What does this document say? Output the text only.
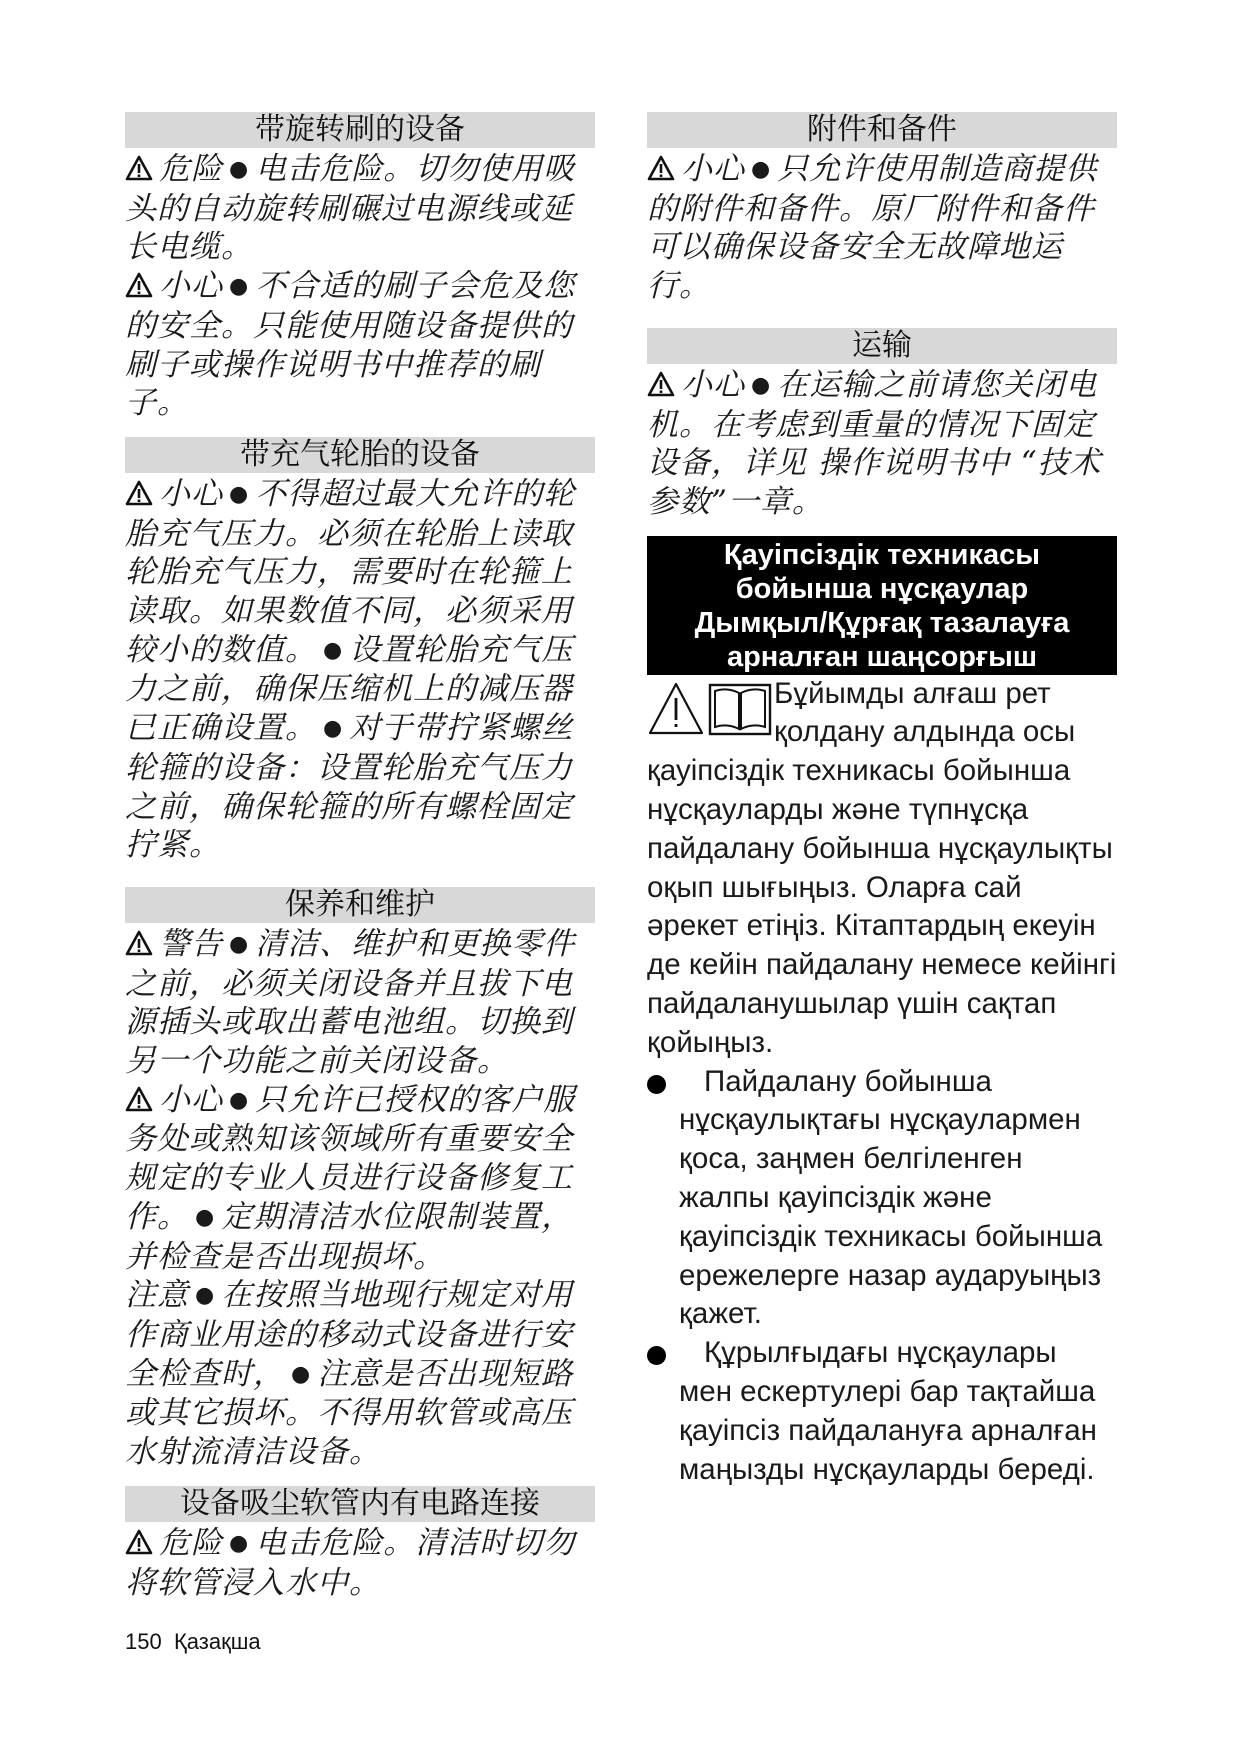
带旋转刷的设备

危险 ● 电击危险。切勿使用吸头的自动旋转刷碾过电源线或延长电缆。

小心 ● 不合适的刷子会危及您的安全。只能使用随设备提供的刷子或操作说明书中推荐的刷子。

带充气轮胎的设备

小心 ● 不得超过最大允许的轮胎充气压力。必须在轮胎上读取轮胎充气压力，需要时在轮箍上读取。如果数值不同，必须采用较小的数值。 ● 设置轮胎充气压力之前，确保压缩机上的减压器已正确设置。 ● 对于带拧紧螺丝轮箍的设备：设置轮胎充气压力之前，确保轮箍的所有螺栓固定拧紧。

保养和维护

警告 ● 清洁、维护和更换零件之前，必须关闭设备并且拔下电源插头或取出蓄电池组。切换到另一个功能之前关闭设备。

小心 ● 只允许已授权的客户服务处或熟知该领域所有重要安全规定的专业人员进行设备修复工作。 ● 定期清洁水位限制装置，并检查是否出现损坏。

注意 ● 在按照当地现行规定对用作商业用途的移动式设备进行安全检查时， ● 注意是否出现短路或其它损坏。不得用软管或高压水射流清洁设备。

设备吸尘软管内有电路连接

危险 ● 电击危险。清洁时切勿将软管浸入水中。

附件和备件

小心 ● 只允许使用制造商提供的附件和备件。原厂附件和备件可以确保设备安全无故障地运行。

运输

小心 ● 在运输之前请您关闭电机。在考虑到重量的情况下固定设备，详见 操作说明书中 “技术参数”一章。

Қауіпсіздік техникасы
бойынша нұсқаулар
Дымқыл/Құрғақ тазалауға
арналған шаңсорғыш

Бұйымды алғаш рет

қолдану алдында осы

қауіпсіздік техникасы бойынша нұсқауларды және түпнұсқа пайдалану бойынша нұсқаулықты оқып шығыңыз. Оларға сай әрекет етіңіз. Кітаптардың екеуін де кейін пайдалану немесе кейінгі пайдаланушылар үшін сақтап қойыңыз.

Пайдалану бойынша нұсқаулықтағы нұсқаулармен қоса, заңмен белгіленген жалпы қауіпсіздік және қауіпсіздік техникасы бойынша ережелерге назар аударуыңыз қажет.
Құрылғыдағы нұсқаулары мен ескертулері бар тақтайша қауіпсіз пайдалануға арналған маңызды нұсқауларды береді.
150 Қазақша
